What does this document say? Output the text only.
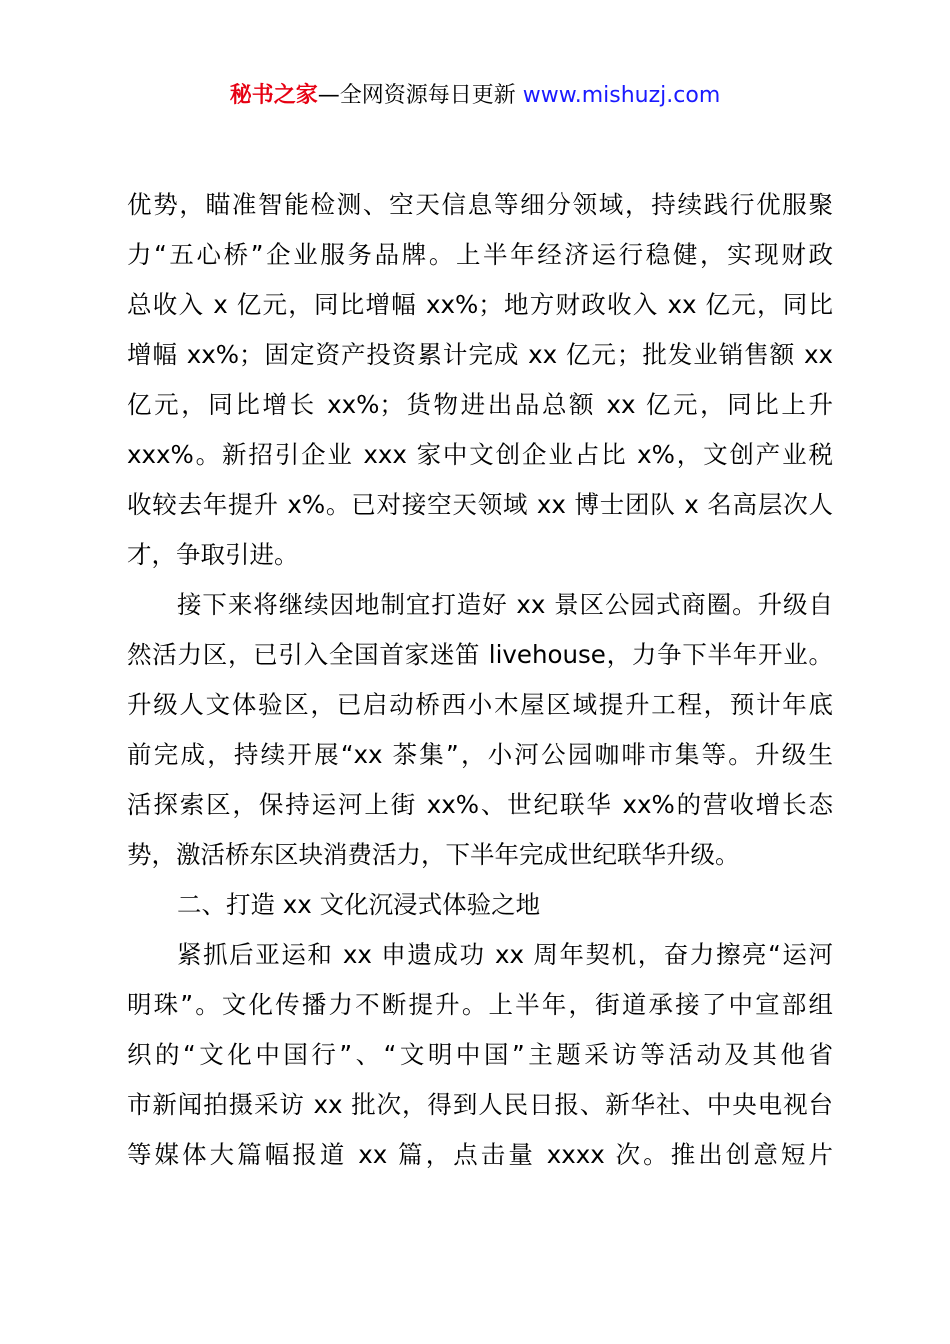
秘书之家—全网资源每日更新 www.mishuzj.com
优势，瞄准智能检测、空天信息等细分领域，持续践行优服聚
力“五心桥”企业服务品牌。上半年经济运行稳健，实现财政
总收入 x 亿元，同比增幅 xx%；地方财政收入 xx 亿元，同比
增幅 xx%；固定资产投资累计完成 xx 亿元；批发业销售额 xx
亿元，同比增长 xx%；货物进出品总额 xx 亿元，同比上升
xxx%。新招引企业 xxx 家中文创企业占比 x%，文创产业税
收较去年提升 x%。已对接空天领域 xx 博士团队 x 名高层次人
才，争取引进。
接下来将继续因地制宜打造好 xx 景区公园式商圈。升级自
然活力区，已引入全国首家迷笛 livehouse，力争下半年开业。
升级人文体验区，已启动桥西小木屋区域提升工程，预计年底
前完成，持续开展“xx 茶集”，小河公园咖啡市集等。升级生
活探索区，保持运河上街 xx%、世纪联华 xx%的营收增长态
势，激活桥东区块消费活力，下半年完成世纪联华升级。
二、打造 xx 文化沉浸式体验之地
紧抓后亚运和 xx 申遗成功 xx 周年契机，奋力擦亮“运河
明珠”。文化传播力不断提升。上半年，街道承接了中宣部组
织的“文化中国行”、“文明中国”主题采访等活动及其他省
市新闻拍摄采访 xx 批次，得到人民日报、新华社、中央电视台
等媒体大篇幅报道 xx 篇，点击量 xxxx 次。推出创意短片
